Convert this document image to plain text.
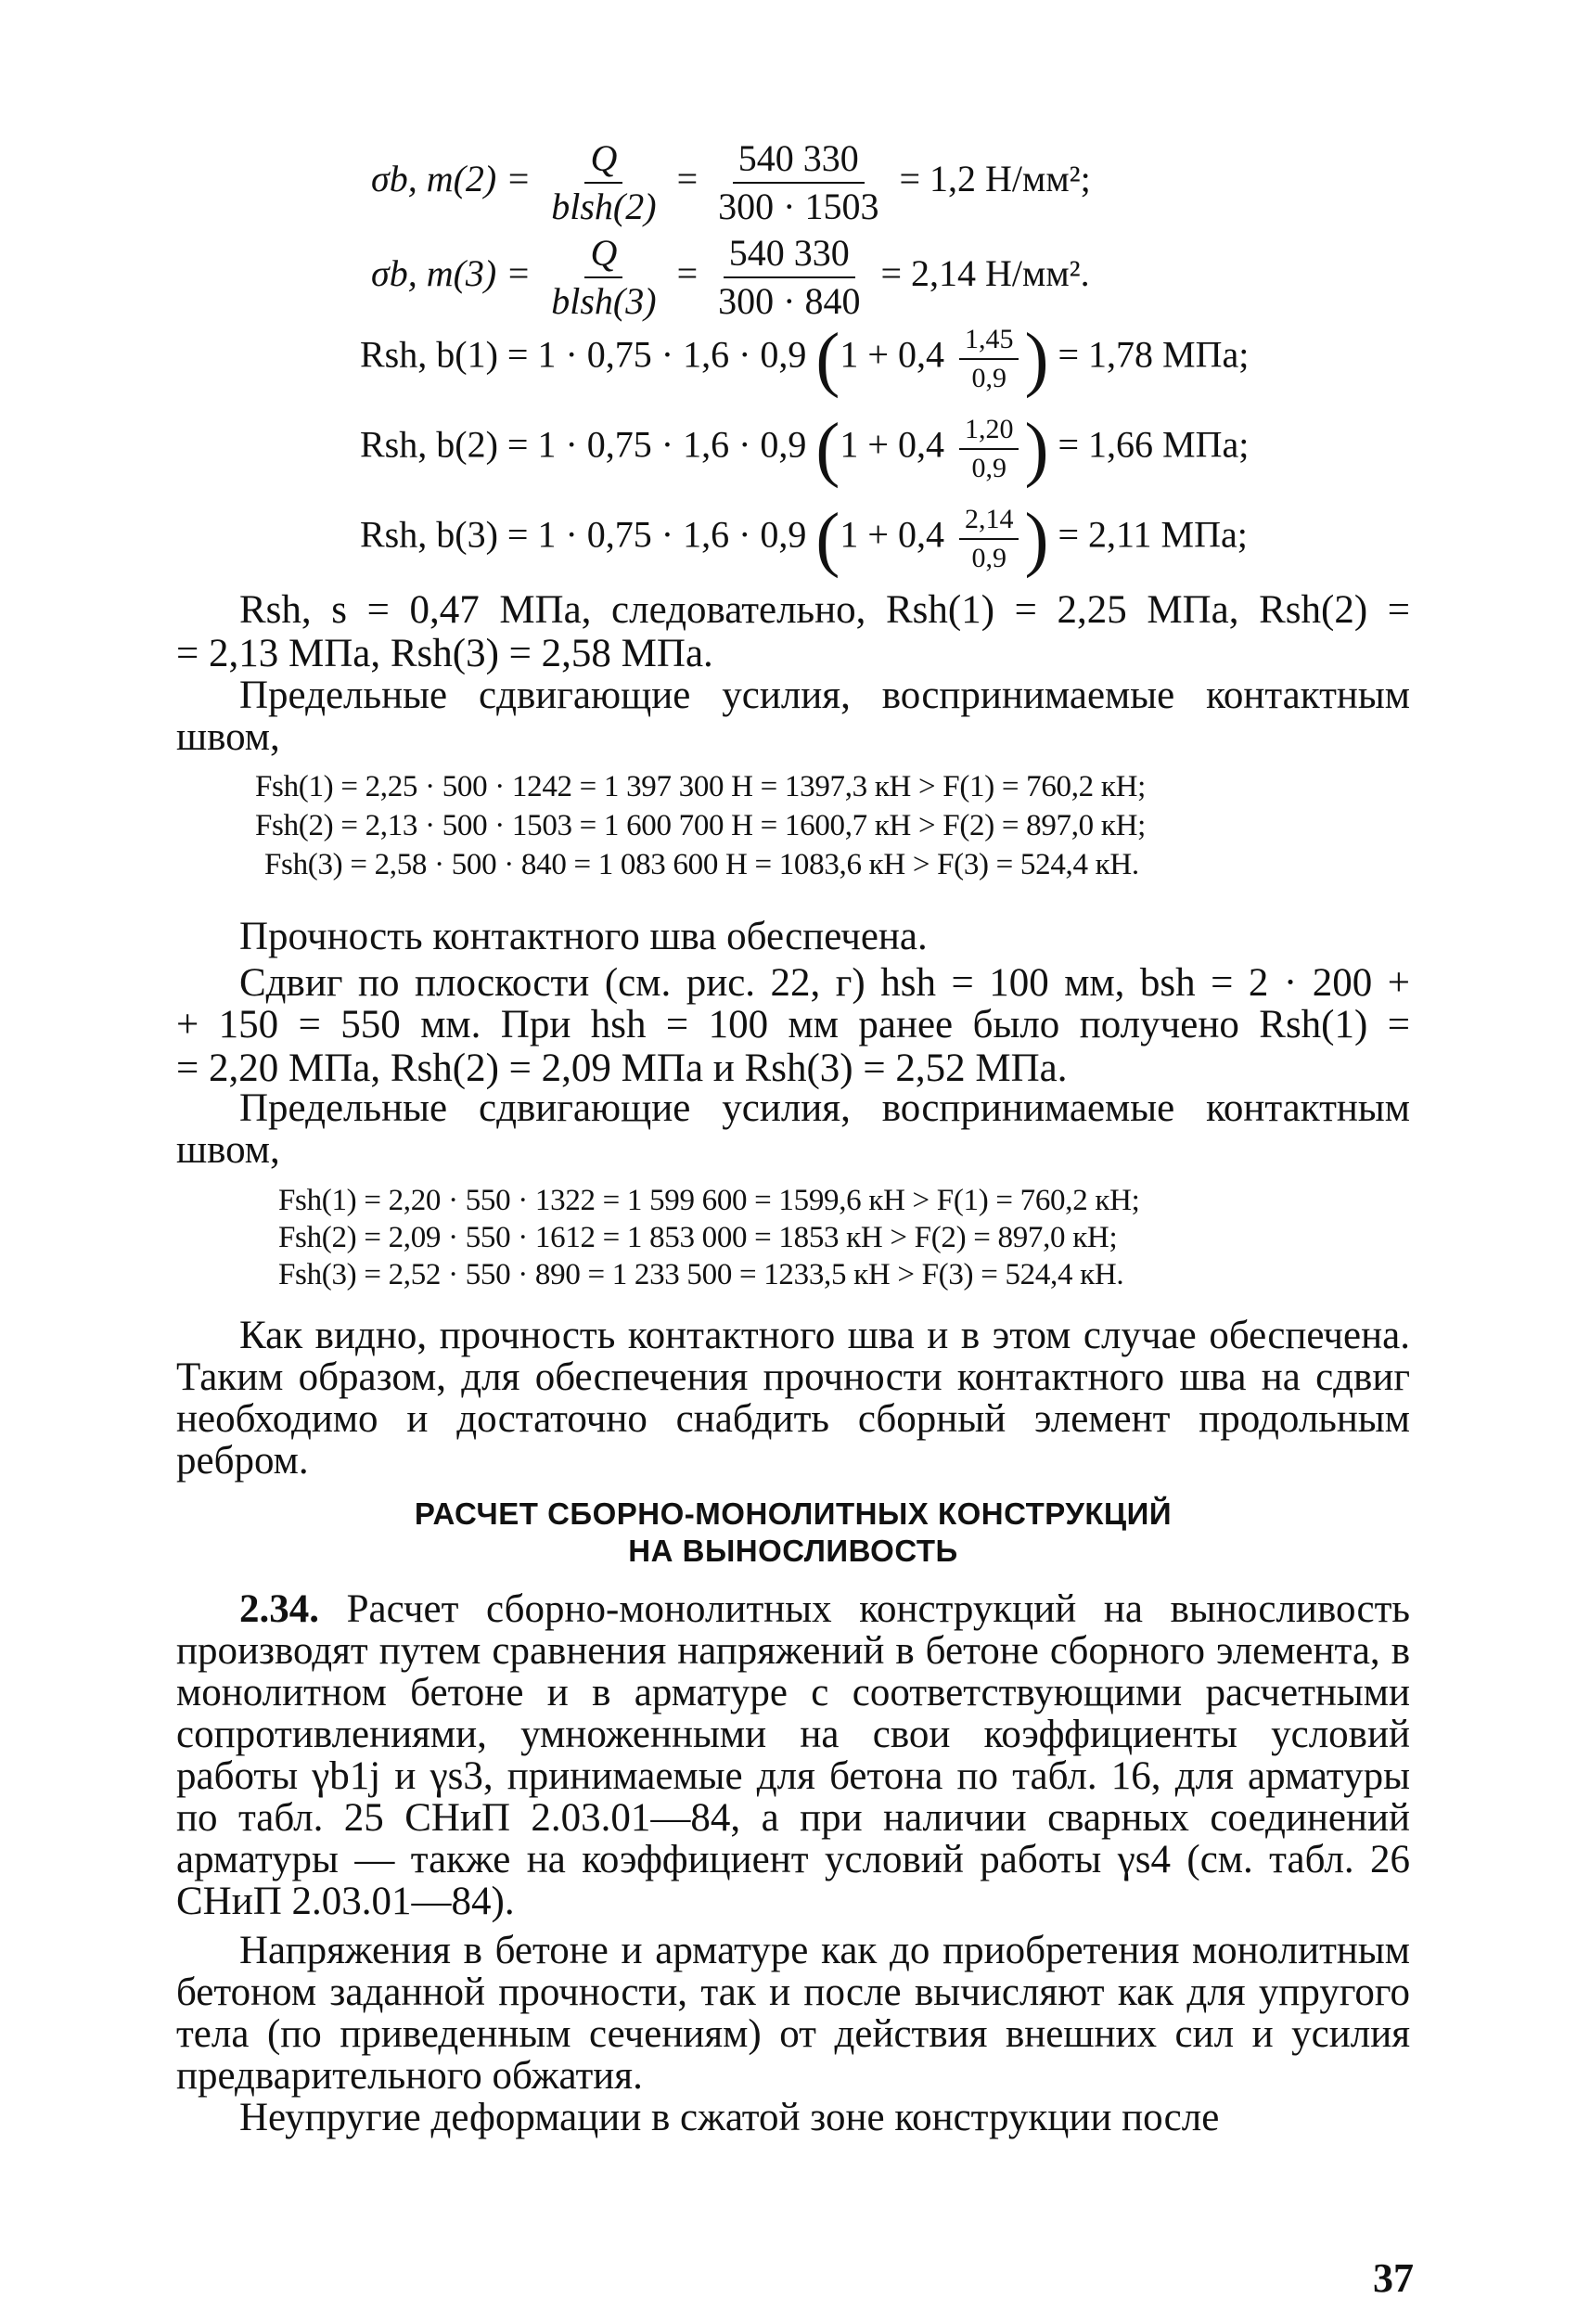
σb, $m(2) = \frac{Q}{\text{blsh(2)}} = \frac{540 330}{300 \cdot 1503} = 1,2$ Н/мм²;
σb, $m(3) = \frac{Q}{\text{blsh(3)}} = \frac{540 330}{300 \cdot 840} = 2,14$ Н/мм².
Rsh, b(1) = 1 · 0,75 · 1,6 · 0,9 ($1 + 0,4 \frac{1,45}{0,9}$ ) = 1,78 МПа;
Rsh, b(2) = 1 · 0,75 · 1,6 · 0,9 ($1 + 0,4 \frac{1,20}{0,9}$ ) = 1,66 МПа;
Rsh, b(3) = 1 · 0,75 · 1,6 · 0,9 ($1 + 0,4 \frac{2,14}{0,9}$ ) = 2,11 МПа;
Rsh, s = 0,47 МПа, следовательно, Rsh(1) = 2,25 МПа, Rsh(2) =
= 2,13 МПа, Rsh(3) = 2,58 МПа.
Предельные сдвигающие усилия, воспринимаемые контактным швом,
Fsh(1) = 2,25 · 500 · 1242 = 1 397 300 Н = 1397,3 кН > F(1) = 760,2 кН;
Fsh(2) = 2,13 · 500 · 1503 = 1 600 700 Н = 1600,7 кН > F(2) = 897,0 кН;
Fsh(3) = 2,58 · 500 · 840 = 1 083 600 Н = 1083,6 кН > F(3) = 524,4 кН.
Прочность контактного шва обеспечена.
Сдвиг по плоскости (см. рис. 22, г) hsh = 100 мм, bsh = 2 · 200 +
+ 150 = 550 мм. При hsh = 100 мм ранее было получено Rsh(1) =
= 2,20 МПа, Rsh(2) = 2,09 МПа и Rsh(3) = 2,52 МПа.
Предельные сдвигающие усилия, воспринимаемые контактным швом,
Fsh(1) = 2,20 · 550 · 1322 = 1 599 600 = 1599,6 кН > F(1) = 760,2 кН;
Fsh(2) = 2,09 · 550 · 1612 = 1 853 000 = 1853 кН > F(2) = 897,0 кН;
Fsh(3) = 2,52 · 550 · 890 = 1 233 500 = 1233,5 кН > F(3) = 524,4 кН.
Как видно, прочность контактного шва и в этом случае обеспечена. Таким образом, для обеспечения прочности контактного шва на сдвиг необходимо и достаточно снабдить сборный элемент продольным ребром.
РАСЧЕТ СБОРНО-МОНОЛИТНЫХ КОНСТРУКЦИЙ
НА ВЫНОСЛИВОСТЬ
2.34. Расчет сборно-монолитных конструкций на выносливость производят путем сравнения напряжений в бетоне сборного элемента, в монолитном бетоне и в арматуре с соответствующими расчетными сопротивлениями, умноженными на свои коэффициенты условий работы γb1j и γs3, принимаемые для бетона по табл. 16, для арматуры по табл. 25 СНиП 2.03.01—84, а при наличии сварных соединений арматуры — также на коэффициент условий работы γs4 (см. табл. 26 СНиП 2.03.01—84).
Напряжения в бетоне и арматуре как до приобретения монолитным бетоном заданной прочности, так и после вычисляют как для упругого тела (по приведенным сечениям) от действия внешних сил и усилия предварительного обжатия.
Неупругие деформации в сжатой зоне конструкции после
37
